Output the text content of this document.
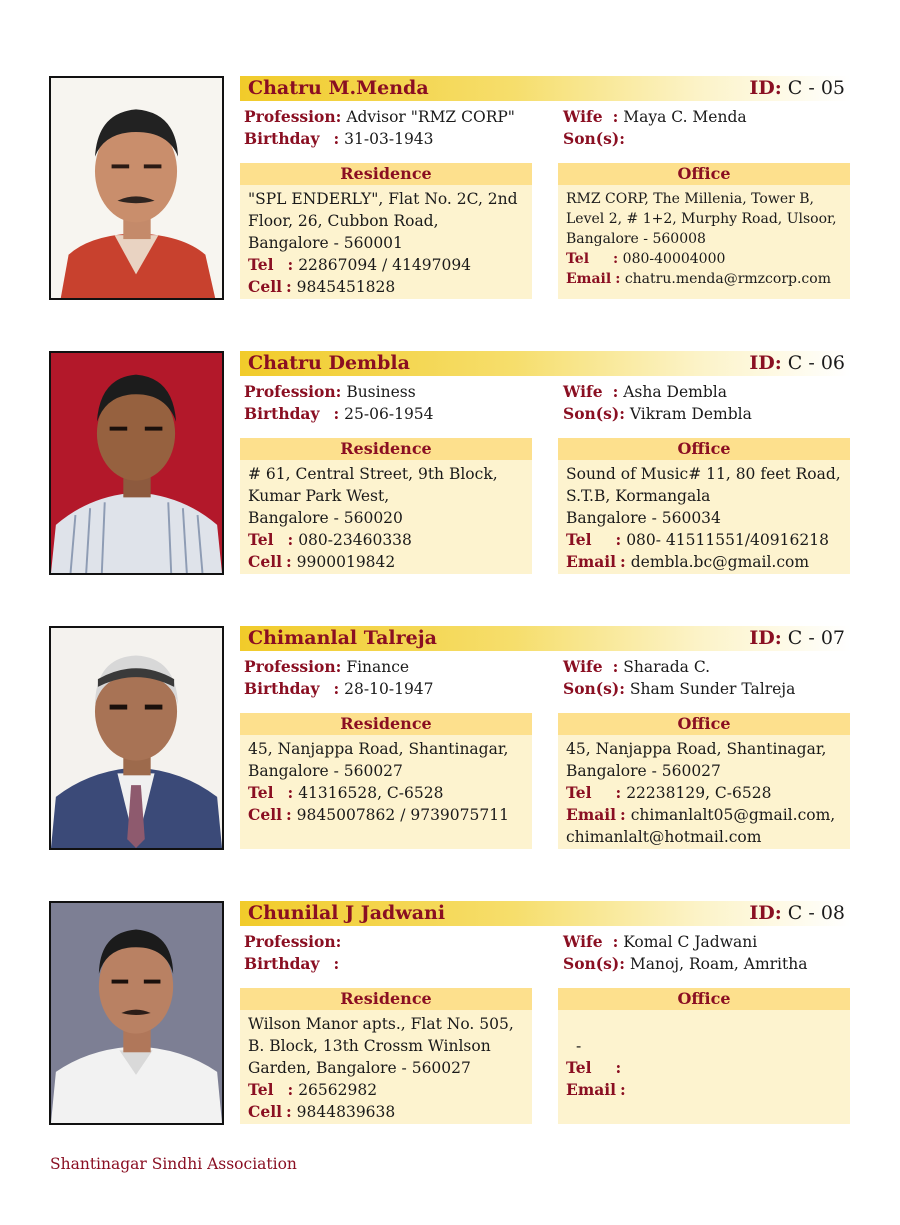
Chatru M.Menda	ID: C - 05
Profession: Advisor "RMZ CORP"
Birthday : 31-03-1943
Wife : Maya C. Menda
Son(s):
Residence
"SPL ENDERLY", Flat No. 2C, 2nd
Floor, 26, Cubbon Road,
Bangalore - 560001
Tel : 22867094 / 41497094
Cell : 9845451828
Office
RMZ CORP, The Millenia, Tower B,
Level 2, # 1+2, Murphy Road, Ulsoor,
Bangalore - 560008
Tel : 080-40004000
Email : chatru.menda@rmzcorp.com
Chatru Dembla	ID: C - 06
Profession: Business
Birthday : 25-06-1954
Wife : Asha Dembla
Son(s): Vikram Dembla
Residence
# 61, Central Street, 9th Block,
Kumar Park West,
Bangalore - 560020
Tel : 080-23460338
Cell : 9900019842
Office
Sound of Music# 11, 80 feet Road,
S.T.B, Kormangala
Bangalore - 560034
Tel : 080- 41511551/40916218
Email : dembla.bc@gmail.com
Chimanlal Talreja	ID: C - 07
Profession: Finance
Birthday : 28-10-1947
Wife : Sharada C.
Son(s): Sham Sunder Talreja
Residence
45, Nanjappa Road, Shantinagar,
Bangalore - 560027
Tel : 41316528, C-6528
Cell : 9845007862 / 9739075711
Office
45, Nanjappa Road, Shantinagar,
Bangalore - 560027
Tel : 22238129, C-6528
Email : chimanlalt05@gmail.com,
chimanlalt@hotmail.com
Chunilal J Jadwani	ID: C - 08
Profession:
Birthday :
Wife : Komal C Jadwani
Son(s): Manoj, Roam, Amritha
Residence
Wilson Manor apts., Flat No. 505,
B. Block, 13th Crossm Winlson
Garden, Bangalore - 560027
Tel : 26562982
Cell : 9844839638
Office
-
Tel :
Email :
Shantinagar Sindhi Association
